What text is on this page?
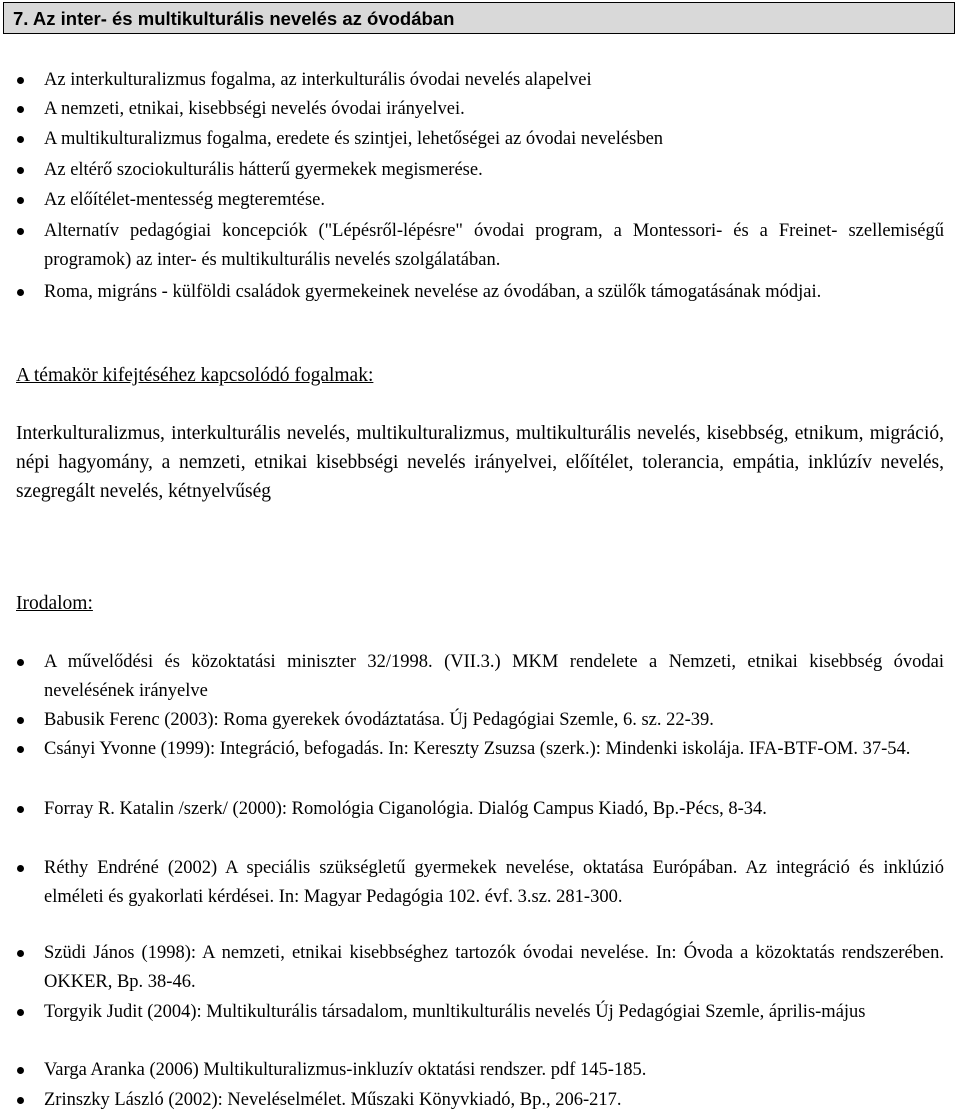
7. Az inter- és multikulturális nevelés az óvodában

Az interkulturalizmus fogalma, az interkulturális óvodai nevelés alapelvei

A nemzeti, etnikai, kisebbségi nevelés óvodai irányelvei.

A multikulturalizmus fogalma, eredete és szintjei, lehetőségei az óvodai nevelésben

Az eltérő szociokulturális hátterű gyermekek megismerése.

Az előítélet-mentesség megteremtése.

Alternatív pedagógiai koncepciók ("Lépésről-lépésre" óvodai program, a Montessori- és a Freinet- szellemiségű programok) az inter- és multikulturális nevelés szolgálatában.

Roma, migráns - külföldi családok gyermekeinek nevelése az óvodában, a szülők támogatásának módjai.

A témakör kifejtéséhez kapcsolódó fogalmak:

Interkulturalizmus, interkulturális nevelés, multikulturalizmus, multikulturális nevelés, kisebbség, etnikum, migráció, népi hagyomány, a nemzeti, etnikai kisebbségi nevelés irányelvei, előítélet, tolerancia, empátia, inklúzív nevelés, szegregált nevelés, kétnyelvűség

Irodalom:

A művelődési és közoktatási miniszter 32/1998. (VII.3.) MKM rendelete a Nemzeti, etnikai kisebbség óvodai nevelésének irányelve

Babusik Ferenc (2003): Roma gyerekek óvodáztatása. Új Pedagógiai Szemle, 6. sz. 22-39.

Csányi Yvonne (1999): Integráció, befogadás. In: Kereszty Zsuzsa (szerk.): Mindenki iskolája. IFA-BTF-OM. 37-54.

Forray R. Katalin /szerk/ (2000): Romológia Ciganológia. Dialóg Campus Kiadó, Bp.-Pécs, 8-34.

Réthy Endréné (2002) A speciális szükségletű gyermekek nevelése, oktatása Európában. Az integráció és inklúzió elméleti és gyakorlati kérdései. In: Magyar Pedagógia 102. évf. 3.sz. 281-300.

Szüdi János (1998): A nemzeti, etnikai kisebbséghez tartozók óvodai nevelése. In: Óvoda a közoktatás rendszerében. OKKER, Bp. 38-46.

Torgyik Judit (2004): Multikulturális társadalom, munltikulturális nevelés Új Pedagógiai Szemle, április-május

Varga Aranka (2006) Multikulturalizmus-inkluzív oktatási rendszer. pdf 145-185.

Zrinszky László (2002): Neveléselmélet. Műszaki Könyvkiadó, Bp., 206-217.
